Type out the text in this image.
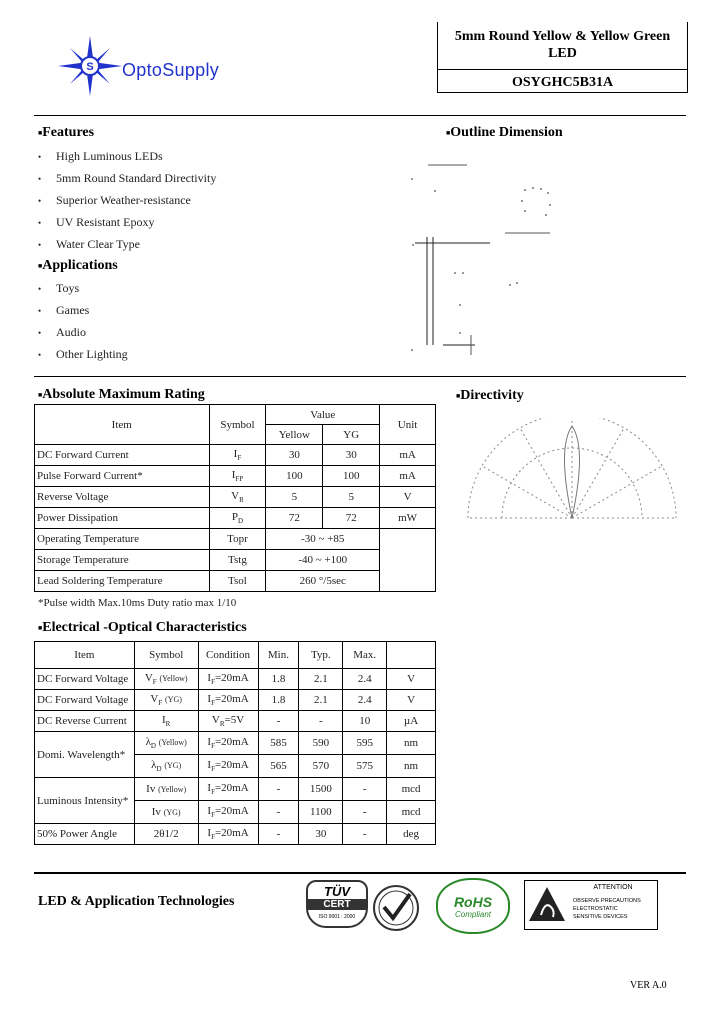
S OptoSupply
5mm Round Yellow & Yellow Green
LED
OSYGHC5B31A
■Features
• High Luminous LEDs
• 5mm Round Standard Directivity
• Superior Weather-resistance
• UV Resistant Epoxy
• Water Clear Type
■Applications
• Toys
• Games
• Audio
• Other Lighting
■Outline Dimension
■Absolute Maximum Rating
Item	Symbol	Value		Unit
		Yellow	YG	
DC Forward Current	$I_F$	30	30	mA
Pulse Forward Current*	$I_{FP}$	100	100	mA
Reverse Voltage	$V_R$	5	5	V
Power Dissipation	$P_D$	72	72	mW
Operating Temperature	Topr	-30 ~ +85		
Storage Temperature	Tstg	-40 ~ +100		
Lead Soldering Temperature	Tsol	260 °/5sec		
*Pulse width Max.10ms Duty ratio max 1/10
■Directivity
■Electrical -Optical Characteristics
Item	Symbol	Condition	Min.	Typ.	Max.	
DC Forward Voltage	$V_F$ (Yellow)	$I_F=20mA$	1.8	2.1	2.4	V
DC Forward Voltage	$V_F$ (YG)	$I_F=20mA$	1.8	2.1	2.4	V
DC Reverse Current	$I_R$	$V_R=5V$	-	-	10	µA
Domi. Wavelength*	$\lambda_D$ (Yellow)	$I_F=20mA$	585	590	595	nm
	$\lambda_D$ (YG)	$I_F=20mA$	565	570	575	nm
Luminous Intensity*	Iv (Yellow)	$I_F=20mA$	-	1500	-	mcd
	Iv (YG)	$I_F=20mA$	-	1100	-	mcd
50% Power Angle	2θ1/2	$I_F=20mA$	-	30	-	deg
LED & Application Technologies
TÜV
CERT
ISO 9001 : 2000
RoHS
Compliant
ATTENTION
OBSERVE PRECAUTIONS
ELECTROSTATIC
SENSITIVE DEVICES
VER A.0
